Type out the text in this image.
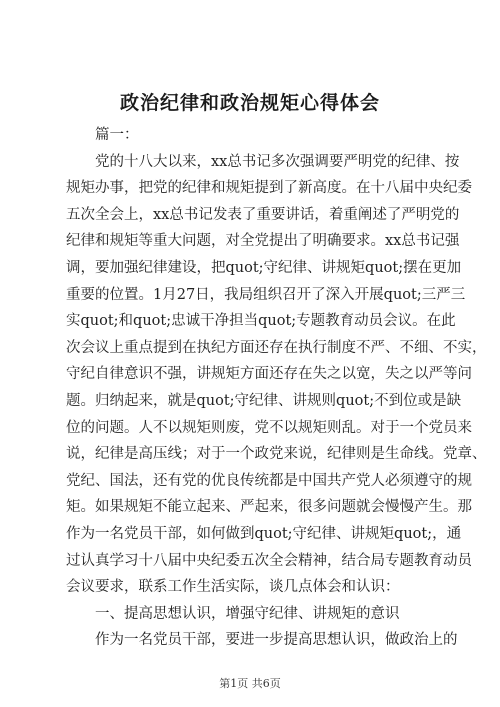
政治纪律和政治规矩心得体会
篇一：
党的十八大以来，xx总书记多次强调要严明党的纪律、按
规矩办事，把党的纪律和规矩提到了新高度。在十八届中央纪委
五次全会上，xx总书记发表了重要讲话，着重阐述了严明党的
纪律和规矩等重大问题，对全党提出了明确要求。xx总书记强
调，要加强纪律建设，把quot;守纪律、讲规矩quot;摆在更加
重要的位置。1月27日，我局组织召开了深入开展quot;三严三
实quot;和quot;忠诚干净担当quot;专题教育动员会议。在此
次会议上重点提到在执纪方面还存在执行制度不严、不细、不实，
守纪自律意识不强，讲规矩方面还存在失之以宽，失之以严等问
题。归纳起来，就是quot;守纪律、讲规则quot;不到位或是缺
位的问题。人不以规矩则废，党不以规矩则乱。对于一个党员来
说，纪律是高压线；对于一个政党来说，纪律则是生命线。党章、
党纪、国法，还有党的优良传统都是中国共产党人必须遵守的规
矩。如果规矩不能立起来、严起来，很多问题就会慢慢产生。那
作为一名党员干部，如何做到quot;守纪律、讲规矩quot;，通
过认真学习十八届中央纪委五次全会精神，结合局专题教育动员
会议要求，联系工作生活实际，谈几点体会和认识：
一、提高思想认识，增强守纪律、讲规矩的意识
作为一名党员干部，要进一步提高思想认识，做政治上的
第1页 共6页
